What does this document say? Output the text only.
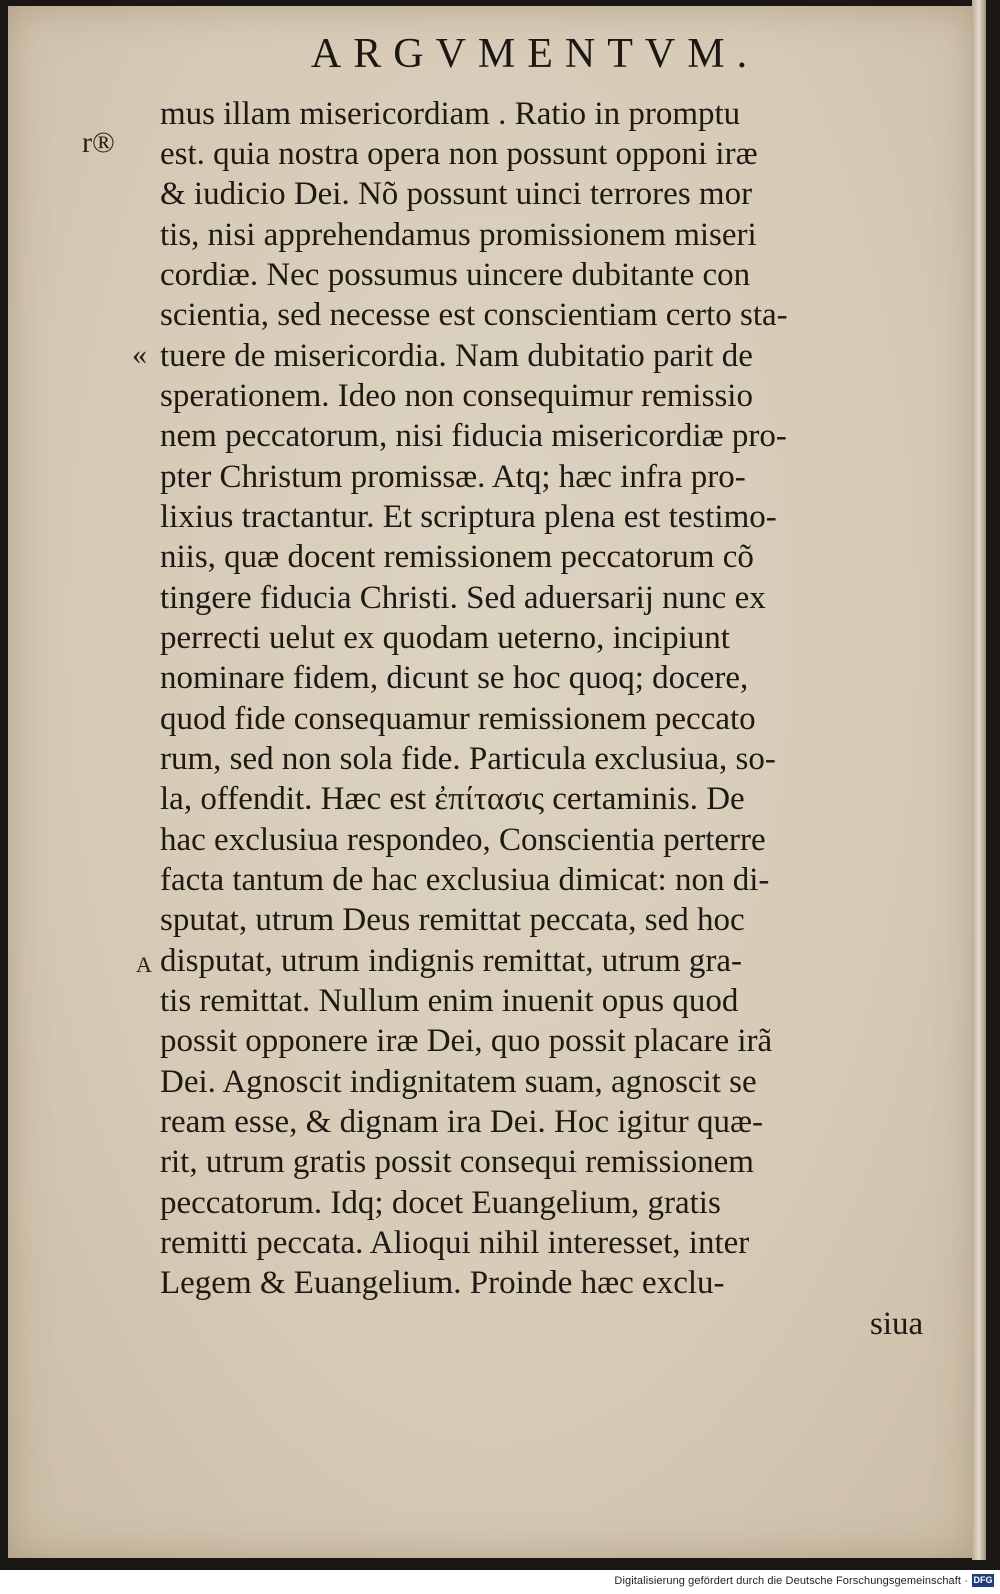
ARGVMENTVM.
r®
«
A
mus illam misericordiam . Ratio in promptu
est. quia nostra opera non possunt opponi iræ
& iudicio Dei. Nõ possunt uinci terrores mor
tis, nisi apprehendamus promissionem miseri
cordiæ. Nec possumus uincere dubitante con
scientia, sed necesse est conscientiam certo sta-
tuere de misericordia. Nam dubitatio parit de
sperationem. Ideo non consequimur remissio
nem peccatorum, nisi fiducia misericordiæ pro-
pter Christum promissæ. Atq; hæc infra pro-
lixius tractantur. Et scriptura plena est testimo-
niis, quæ docent remissionem peccatorum cõ
tingere fiducia Christi. Sed aduersarij nunc ex
perrecti uelut ex quodam ueterno, incipiunt
nominare fidem, dicunt se hoc quoq; docere,
quod fide consequamur remissionem peccato
rum, sed non sola fide. Particula exclusiua, so-
la, offendit. Hæc est ἐπίτασις certaminis. De
hac exclusiua respondeo, Conscientia perterre
facta tantum de hac exclusiua dimicat: non di-
sputat, utrum Deus remittat peccata, sed hoc
disputat, utrum indignis remittat, utrum gra-
tis remittat. Nullum enim inuenit opus quod
possit opponere iræ Dei, quo possit placare irã
Dei. Agnoscit indignitatem suam, agnoscit se
ream esse, & dignam ira Dei. Hoc igitur quæ-
rit, utrum gratis possit consequi remissionem
peccatorum. Idq; docet Euangelium, gratis
remitti peccata. Alioqui nihil interesset, inter
Legem & Euangelium. Proinde hæc exclu-
siua
Digitalisierung gefördert durch die Deutsche Forschungsgemeinschaft · DFG
